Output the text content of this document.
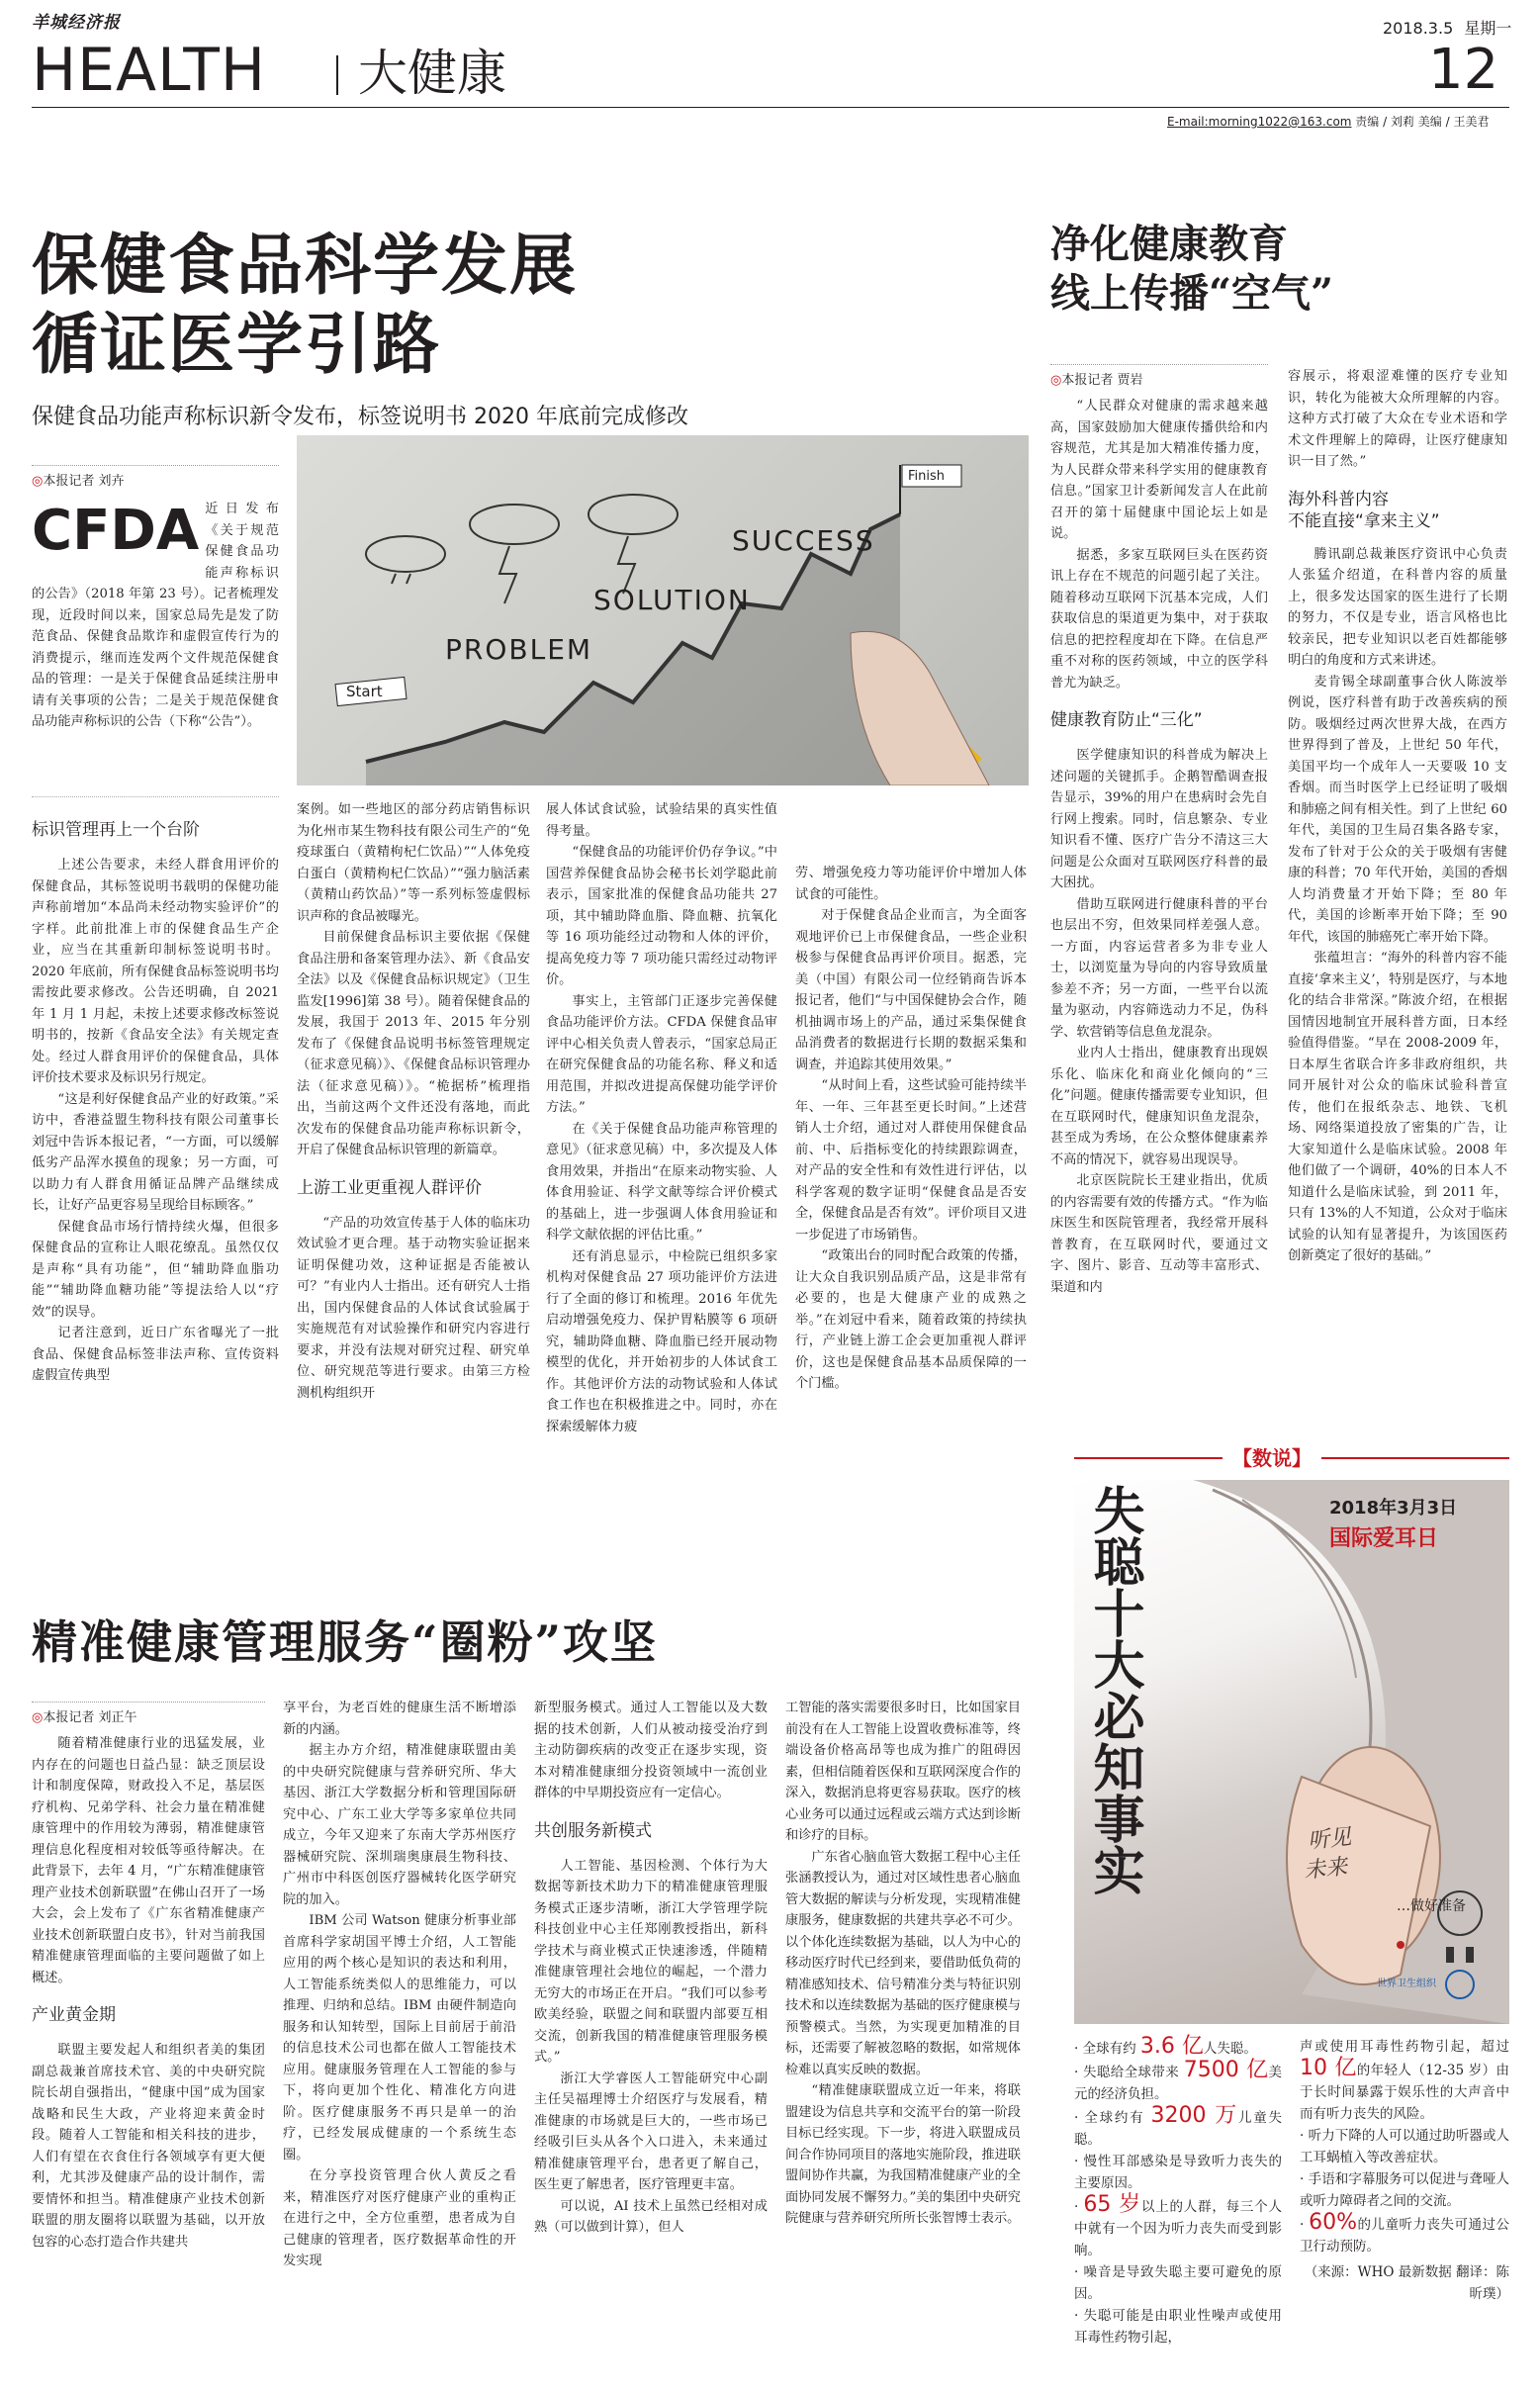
羊城经济报	2018.3.5 星期一
HEALTH 大健康	12
E-mail:morning1022@163.com 责编 / 刘莉 美编 / 王美君
保健食品科学发展
循证医学引路
保健食品功能声称标识新令发布，标签说明书 2020 年底前完成修改
◎本报记者 刘卉
CFDA 近日发布《关于规范保健食品功能声称标识的公告》（2018 年第 23 号）。记者梳理发现，近段时间以来，国家总局先是发了防范食品、保健食品欺诈和虚假宣传行为的消费提示，继而连发两个文件规范保健食品的管理：一是关于保健食品延续注册申请有关事项的公告；二是关于规范保健食品功能声称标识的公告（下称“公告”）。
Finish
SUCCESS
SOLUTION
PROBLEM
Start
标识管理再上一个台阶

上述公告要求，未经人群食用评价的保健食品，其标签说明书载明的保健功能声称前增加“本品尚未经动物实验评价”的字样。此前批准上市的保健食品生产企业，应当在其重新印制标签说明书时。2020 年底前，所有保健食品标签说明书均需按此要求修改。公告还明确，自 2021 年 1 月 1 月起，未按上述要求修改标签说明书的，按新《食品安全法》有关规定查处。经过人群食用评价的保健食品，具体评价技术要求及标识另行规定。

“这是利好保健食品产业的好政策。”采访中，香港益盟生物科技有限公司董事长刘冠中告诉本报记者，“一方面，可以缓解低劣产品浑水摸鱼的现象；另一方面，可以助力有人群食用循证品牌产品继续成长，让好产品更容易呈现给目标顾客。”

保健食品市场行情持续火爆，但很多保健食品的宣称让人眼花缭乱。虽然仅仅是声称“具有功能”，但“辅助降血脂功能”“辅助降血糖功能”等提法给人以“疗效”的误导。

记者注意到，近日广东省曝光了一批食品、保健食品标签非法声称、宣传资料虚假宣传典型

案例。如一些地区的部分药店销售标识为化州市某生物科技有限公司生产的“免疫球蛋白（黄精枸杞仁饮品）”“人体免疫白蛋白（黄精枸杞仁饮品）”“强力脑活素（黄精山药饮品）”等一系列标签虚假标识声称的食品被曝光。

目前保健食品标识主要依据《保健食品注册和备案管理办法》、新《食品安全法》以及《保健食品标识规定》（卫生监发[1996]第 38 号）。随着保健食品的发展，我国于 2013 年、2015 年分别发布了《保健食品说明书标签管理规定（征求意见稿）》、《保健食品标识管理办法（征求意见稿）》。“桅据桥”梳理指出，当前这两个文件还没有落地，而此次发布的保健食品功能声称标识新令，开启了保健食品标识管理的新篇章。

上游工业更重视人群评价

“产品的功效宣传基于人体的临床功效试验才更合理。基于动物实验证据来证明保健功效，这种证据是否能被认可？”有业内人士指出。还有研究人士指出，国内保健食品的人体试食试验属于实施规范有对试验操作和研究内容进行要求，并没有法规对研究过程、研究单位、研究规范等进行要求。由第三方检测机构组织开

展人体试食试验，试验结果的真实性值得考量。

“保健食品的功能评价仍存争议。”中国营养保健食品协会秘书长刘学聪此前表示，国家批准的保健食品功能共 27 项，其中辅助降血脂、降血糖、抗氧化等 16 项功能经过动物和人体的评价，提高免疫力等 7 项功能只需经过动物评价。

事实上，主管部门正逐步完善保健食品功能评价方法。CFDA 保健食品审评中心相关负责人曾表示，“国家总局正在研究保健食品的功能名称、释义和适用范围，并拟改进提高保健功能学评价方法。”

在《关于保健食品功能声称管理的意见》（征求意见稿）中，多次提及人体食用效果，并指出“在原来动物实验、人体食用验证、科学文献等综合评价模式的基础上，进一步强调人体食用验证和科学文献依据的评估比重。”

还有消息显示，中检院已组织多家机构对保健食品 27 项功能评价方法进行了全面的修订和梳理。2016 年优先启动增强免疫力、保护胃粘膜等 6 项研究，辅助降血糖、降血脂已经开展动物模型的优化，并开始初步的人体试食工作。其他评价方法的动物试验和人体试食工作也在积极推进之中。同时，亦在探索缓解体力疲

劳、增强免疫力等功能评价中增加人体试食的可能性。

对于保健食品企业而言，为全面客观地评价已上市保健食品，一些企业积极参与保健食品再评价项目。据悉，完美（中国）有限公司一位经销商告诉本报记者，他们“与中国保健协会合作，随机抽调市场上的产品，通过采集保健食品消费者的数据进行长期的数据采集和调查，并追踪其使用效果。”

“从时间上看，这些试验可能持续半年、一年、三年甚至更长时间。”上述营销人士介绍，通过对人群使用保健食品前、中、后指标变化的持续跟踪调查，对产品的安全性和有效性进行评估，以科学客观的数字证明“保健食品是否安全，保健食品是否有效”。评价项目又进一步促进了市场销售。

“政策出台的同时配合政策的传播，让大众自我识别品质产品，这是非常有必要的，也是大健康产业的成熟之举。”在刘冠中看来，随着政策的持续执行，产业链上游工企会更加重视人群评价，这也是保健食品基本品质保障的一个门槛。

净化健康教育
线上传播“空气”
◎本报记者 贾岩

“人民群众对健康的需求越来越高，国家鼓励加大健康传播供给和内容规范，尤其是加大精准传播力度，为人民群众带来科学实用的健康教育信息。”国家卫计委新闻发言人在此前召开的第十届健康中国论坛上如是说。

据悉，多家互联网巨头在医药资讯上存在不规范的问题引起了关注。随着移动互联网下沉基本完成，人们获取信息的渠道更为集中，对于获取信息的把控程度却在下降。在信息严重不对称的医药领域，中立的医学科普尤为缺乏。

健康教育防止“三化”

医学健康知识的科普成为解决上述问题的关键抓手。企鹅智酷调查报告显示，39%的用户在患病时会先自行网上搜索。同时，信息繁杂、专业知识看不懂、医疗广告分不清这三大问题是公众面对互联网医疗科普的最大困扰。

借助互联网进行健康科普的平台也层出不穷，但效果同样差强人意。一方面，内容运营者多为非专业人士，以浏览量为导向的内容导致质量参差不齐；另一方面，一些平台以流量为驱动，内容筛选动力不足，伪科学、软营销等信息鱼龙混杂。

业内人士指出，健康教育出现娱乐化、临床化和商业化倾向的“三化”问题。健康传播需要专业知识，但在互联网时代，健康知识鱼龙混杂，甚至成为秀场，在公众整体健康素养不高的情况下，就容易出现误导。

北京医院院长王建业指出，优质的内容需要有效的传播方式。“作为临床医生和医院管理者，我经常开展科普教育，在互联网时代，要通过文字、图片、影音、互动等丰富形式、渠道和内

容展示，将艰涩难懂的医疗专业知识，转化为能被大众所理解的内容。这种方式打破了大众在专业术语和学术文件理解上的障碍，让医疗健康知识一目了然。”

海外科普内容
不能直接“拿来主义”

腾讯副总裁兼医疗资讯中心负责人张猛介绍道，在科普内容的质量上，很多发达国家的医生进行了长期的努力，不仅是专业，语言风格也比较亲民，把专业知识以老百姓都能够明白的角度和方式来讲述。

麦肯锡全球副董事合伙人陈波举例说，医疗科普有助于改善疾病的预防。吸烟经过两次世界大战，在西方世界得到了普及，上世纪 50 年代，美国平均一个成年人一天要吸 10 支香烟。而当时医学上已经证明了吸烟和肺癌之间有相关性。到了上世纪 60 年代，美国的卫生局召集各路专家，发布了针对于公众的关于吸烟有害健康的科普；70 年代开始，美国的香烟人均消费量才开始下降；至 80 年代，美国的诊断率开始下降；至 90 年代，该国的肺癌死亡率开始下降。

张蕴坦言：“海外的科普内容不能直接‘拿来主义’，特别是医疗，与本地化的结合非常深。”陈波介绍，在根据国情因地制宜开展科普方面，日本经验值得借鉴。“早在 2008-2009 年，日本厚生省联合许多非政府组织，共同开展针对公众的临床试验科普宣传，他们在报纸杂志、地铁、飞机场、网络渠道投放了密集的广告，让大家知道什么是临床试验。2008 年他们做了一个调研，40%的日本人不知道什么是临床试验，到 2011 年，只有 13%的人不知道，公众对于临床试验的认知有显著提升，为该国医药创新奠定了很好的基础。”

精准健康管理服务“圈粉”攻坚
◎本报记者 刘正午

随着精准健康行业的迅猛发展，业内存在的问题也日益凸显：缺乏顶层设计和制度保障，财政投入不足，基层医疗机构、兄弟学科、社会力量在精准健康管理中的作用较为薄弱，精准健康管理信息化程度相对较低等亟待解决。在此背景下，去年 4 月，“广东精准健康管理产业技术创新联盟”在佛山召开了一场大会，会上发布了《广东省精准健康产业技术创新联盟白皮书》，针对当前我国精准健康管理面临的主要问题做了如上概述。

产业黄金期

联盟主要发起人和组织者美的集团副总裁兼首席技术官、美的中央研究院院长胡自强指出，“健康中国”成为国家战略和民生大政，产业将迎来黄金时段。随着人工智能和相关科技的进步，人们有望在衣食住行各领域享有更大便利，尤其涉及健康产品的设计制作，需要情怀和担当。精准健康产业技术创新联盟的朋友圈将以联盟为基础，以开放包容的心态打造合作共建共

享平台，为老百姓的健康生活不断增添新的内涵。

据主办方介绍，精准健康联盟由美的中央研究院健康与营养研究所、华大基因、浙江大学数据分析和管理国际研究中心、广东工业大学等多家单位共同成立，今年又迎来了东南大学苏州医疗器械研究院、深圳瑞奥康晨生物科技、广州市中科医创医疗器械转化医学研究院的加入。

IBM 公司 Watson 健康分析事业部首席科学家胡国平博士介绍，人工智能应用的两个核心是知识的表达和利用，人工智能系统类似人的思维能力，可以推理、归纳和总结。IBM 由硬件制造向服务和认知转型，国际上目前居于前沿的信息技术公司也都在做人工智能技术应用。健康服务管理在人工智能的参与下，将向更加个性化、精准化方向进阶。医疗健康服务不再只是单一的治疗，已经发展成健康的一个系统生态圈。

在分享投资管理合伙人黄反之看来，精准医疗对医疗健康产业的重构正在进行之中，全方位重塑，患者成为自己健康的管理者，医疗数据革命性的开发实现

新型服务模式。通过人工智能以及大数据的技术创新，人们从被动接受治疗到主动防御疾病的改变正在逐步实现，资本对精准健康细分投资领域中一流创业群体的中早期投资应有一定信心。

共创服务新模式

人工智能、基因检测、个体行为大数据等新技术助力下的精准健康管理服务模式正逐步清晰，浙江大学管理学院科技创业中心主任郑刚教授指出，新科学技术与商业模式正快速渗透，伴随精准健康管理社会地位的崛起，一个潜力无穷大的市场正在开启。“我们可以参考欧美经验，联盟之间和联盟内部要互相交流，创新我国的精准健康管理服务模式。”

浙江大学睿医人工智能研究中心副主任吴福理博士介绍医疗与发展看，精准健康的市场就是巨大的，一些市场已经吸引巨头从各个入口进入，未来通过精准健康管理平台，患者更了解自己，医生更了解患者，医疗管理更丰富。

可以说，AI 技术上虽然已经相对成熟（可以做到计算），但人

工智能的落实需要很多时日，比如国家目前没有在人工智能上设置收费标准等，终端设备价格高昂等也成为推广的阻碍因素，但相信随着医保和互联网深度合作的深入，数据消息将更容易获取。医疗的核心业务可以通过远程或云端方式达到诊断和诊疗的目标。

广东省心脑血管大数据工程中心主任张涵教授认为，通过对区域性患者心脑血管大数据的解读与分析发现，实现精准健康服务，健康数据的共建共享必不可少。以个体化连续数据为基础，以人为中心的移动医疗时代已经到来，要借助低负荷的精准感知技术、信号精准分类与特征识别技术和以连续数据为基础的医疗健康模与预警模式。当然，为实现更加精准的目标，还需要了解被忽略的数据，如常规体检难以真实反映的数据。

“精准健康联盟成立近一年来，将联盟建设为信息共享和交流平台的第一阶段目标已经实现。下一步，将进入联盟成员间合作协同项目的落地实施阶段，推进联盟间协作共赢，为我国精准健康产业的全面协同发展不懈努力。”美的集团中央研究院健康与营养研究所所长张智博士表示。

【数说】
失聪十大必知事实	2018年3月3日
国际爱耳日
听见
未来
…做好准备
世界卫生组织
· 全球有约 3.6 亿人失聪。
· 失聪给全球带来 7500 亿美元的经济负担。
· 全球约有 3200 万儿童失聪。
· 慢性耳部感染是导致听力丧失的主要原因。
· 65 岁以上的人群，每三个人中就有一个因为听力丧失而受到影响。
· 噪音是导致失聪主要可避免的原因。
· 失聪可能是由职业性噪声或使用耳毒性药物引起，
声或使用耳毒性药物引起，超过 10 亿的年轻人（12-35 岁）由于长时间暴露于娱乐性的大声音中而有听力丧失的风险。
· 听力下降的人可以通过助听器或人工耳蜗植入等改善症状。
· 手语和字幕服务可以促进与聋哑人或听力障碍者之间的交流。
· 60%的儿童听力丧失可通过公卫行动预防。
（来源：WHO 最新数据 翻译：陈昕璞）
